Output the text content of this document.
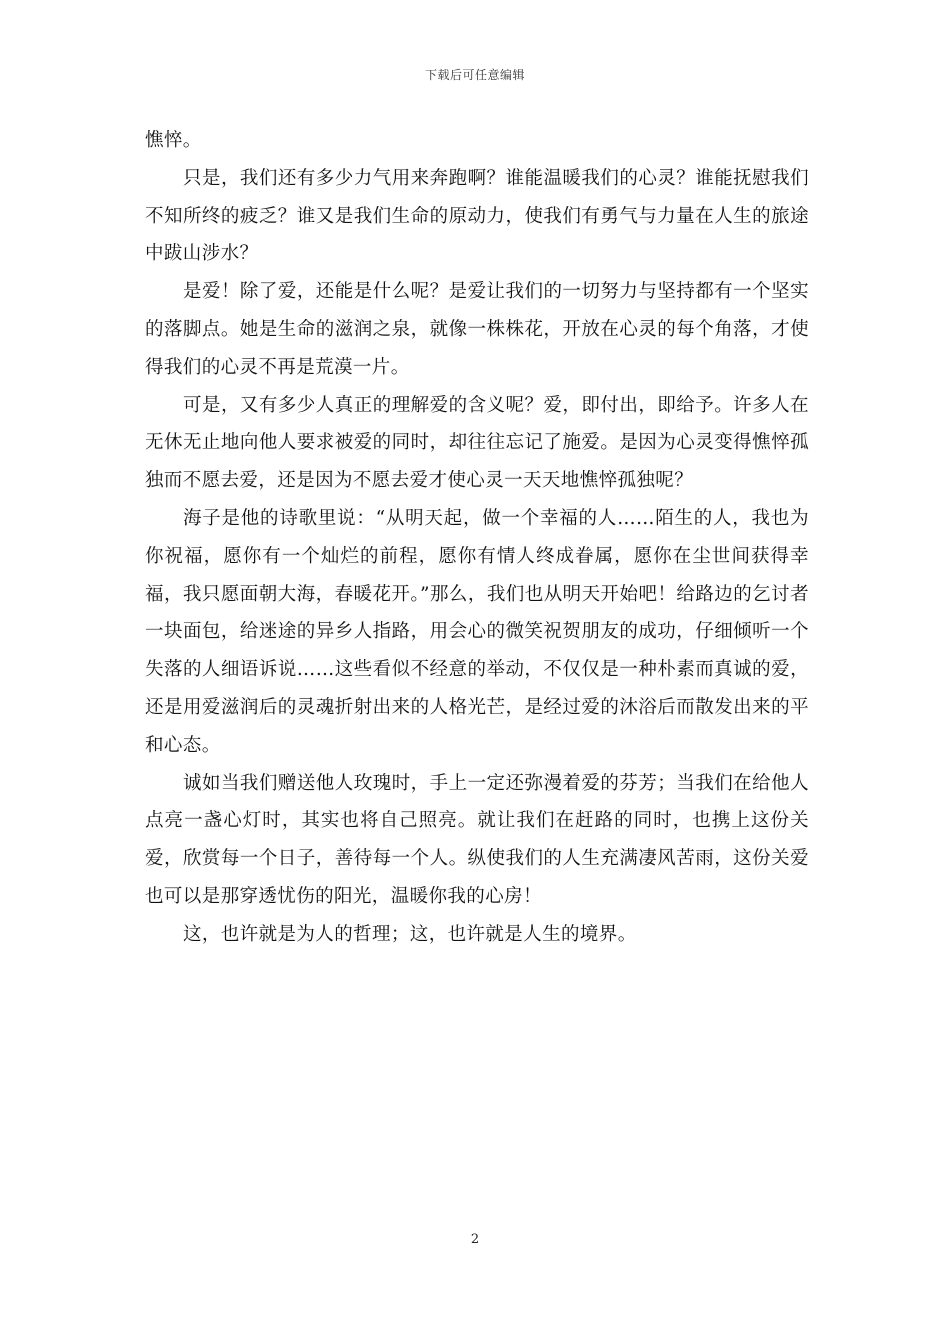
下载后可任意编辑

憔悴。

只是，我们还有多少力气用来奔跑啊？谁能温暖我们的心灵？谁能抚慰我们不知所终的疲乏？谁又是我们生命的原动力，使我们有勇气与力量在人生的旅途中跋山涉水？

是爱！除了爱，还能是什么呢？是爱让我们的一切努力与坚持都有一个坚实的落脚点。她是生命的滋润之泉，就像一株株花，开放在心灵的每个角落，才使得我们的心灵不再是荒漠一片。

可是，又有多少人真正的理解爱的含义呢？爱，即付出，即给予。许多人在无休无止地向他人要求被爱的同时，却往往忘记了施爱。是因为心灵变得憔悴孤独而不愿去爱，还是因为不愿去爱才使心灵一天天地憔悴孤独呢？

海子是他的诗歌里说：“从明天起，做一个幸福的人……陌生的人，我也为你祝福，愿你有一个灿烂的前程，愿你有情人终成眷属，愿你在尘世间获得幸福，我只愿面朝大海，春暖花开。”那么，我们也从明天开始吧！给路边的乞讨者一块面包，给迷途的异乡人指路，用会心的微笑祝贺朋友的成功，仔细倾听一个失落的人细语诉说……这些看似不经意的举动，不仅仅是一种朴素而真诚的爱，还是用爱滋润后的灵魂折射出来的人格光芒，是经过爱的沐浴后而散发出来的平和心态。

诚如当我们赠送他人玫瑰时，手上一定还弥漫着爱的芬芳；当我们在给他人点亮一盏心灯时，其实也将自己照亮。就让我们在赶路的同时，也携上这份关爱，欣赏每一个日子，善待每一个人。纵使我们的人生充满凄风苦雨，这份关爱也可以是那穿透忧伤的阳光，温暖你我的心房！

这，也许就是为人的哲理；这，也许就是人生的境界。

2
